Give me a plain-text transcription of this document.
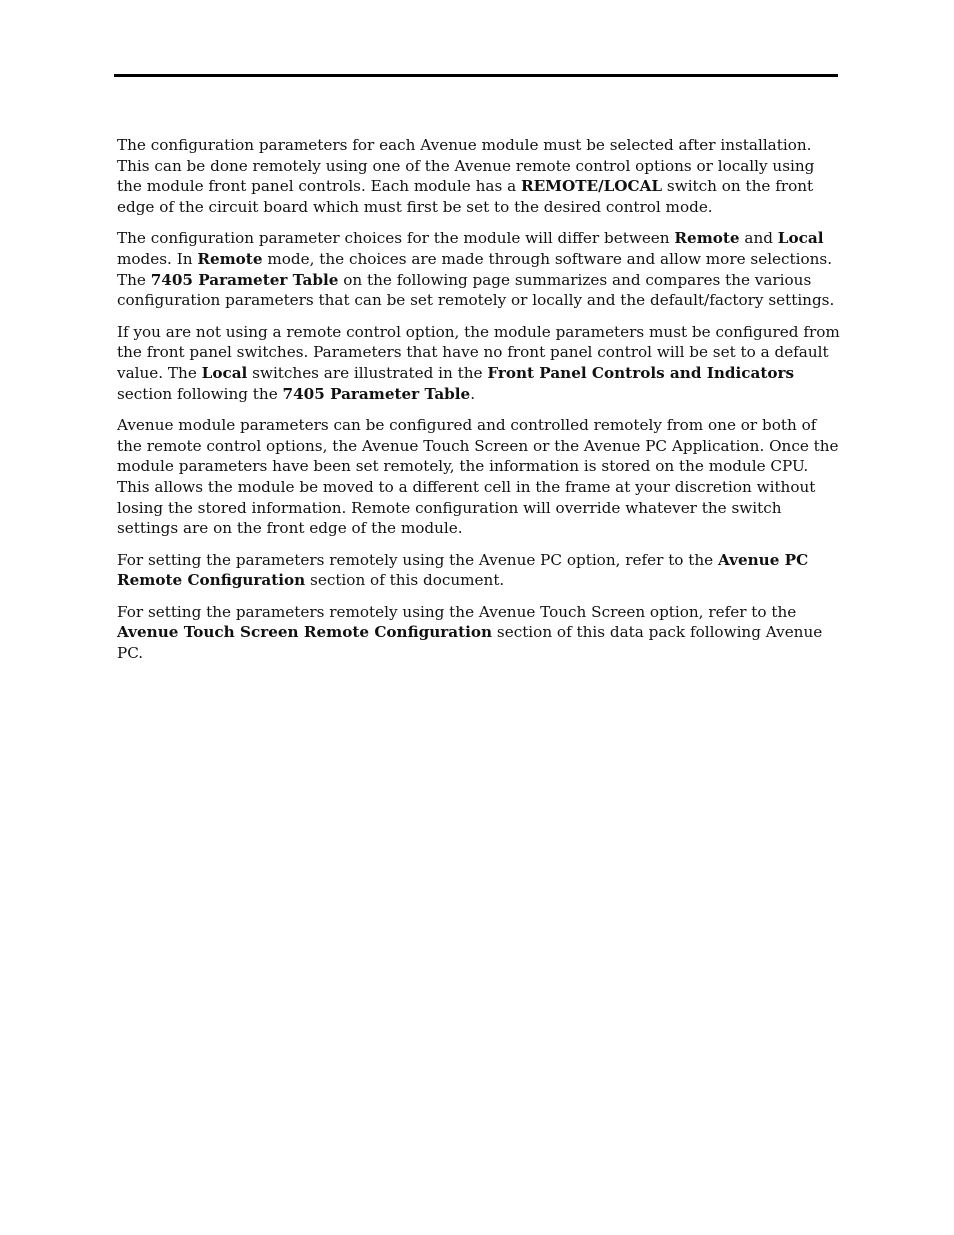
The configuration parameters for each Avenue module must be selected after installation. This can be done remotely using one of the Avenue remote control options or locally using the module front panel controls. Each module has a REMOTE/LOCAL switch on the front edge of the circuit board which must first be set to the desired control mode.

The configuration parameter choices for the module will differ between Remote and Local modes. In Remote mode, the choices are made through software and allow more selections. The 7405 Parameter Table on the following page summarizes and compares the various configuration parameters that can be set remotely or locally and the default/factory settings.

If you are not using a remote control option, the module parameters must be configured from the front panel switches. Parameters that have no front panel control will be set to a default value. The Local switches are illustrated in the Front Panel Controls and Indicators section following the 7405 Parameter Table.

Avenue module parameters can be configured and controlled remotely from one or both of the remote control options, the Avenue Touch Screen or the Avenue PC Application. Once the module parameters have been set remotely, the information is stored on the module CPU. This allows the module be moved to a different cell in the frame at your discretion without losing the stored information. Remote configuration will override whatever the switch settings are on the front edge of the module.

For setting the parameters remotely using the Avenue PC option, refer to the Avenue PC Remote Configuration section of this document.

For setting the parameters remotely using the Avenue Touch Screen option, refer to the Avenue Touch Screen Remote Configuration section of this data pack following Avenue PC.
